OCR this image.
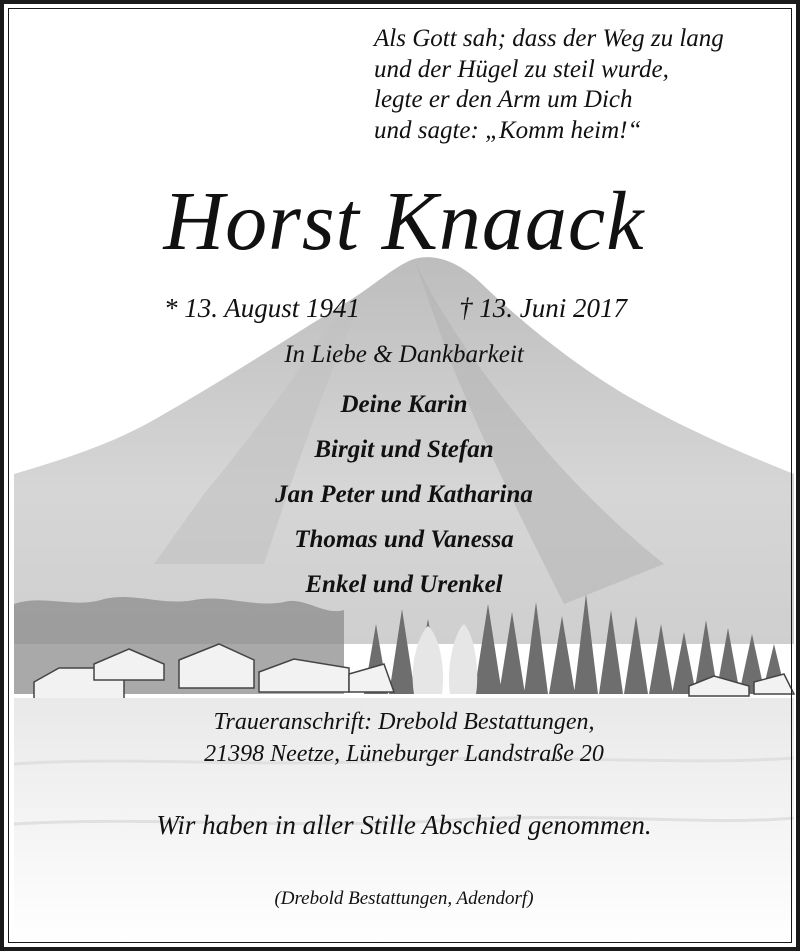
Als Gott sah; dass der Weg zu lang
und der Hügel zu steil wurde,
legte er den Arm um Dich
und sagte: „Komm heim!“
Horst Knaack
* 13. August 1941	† 13. Juni 2017
In Liebe & Dankbarkeit
Deine Karin
Birgit und Stefan
Jan Peter und Katharina
Thomas und Vanessa
Enkel und Urenkel
Traueranschrift: Drebold Bestattungen,
21398 Neetze, Lüneburger Landstraße 20
Wir haben in aller Stille Abschied genommen.
(Drebold Bestattungen, Adendorf)
